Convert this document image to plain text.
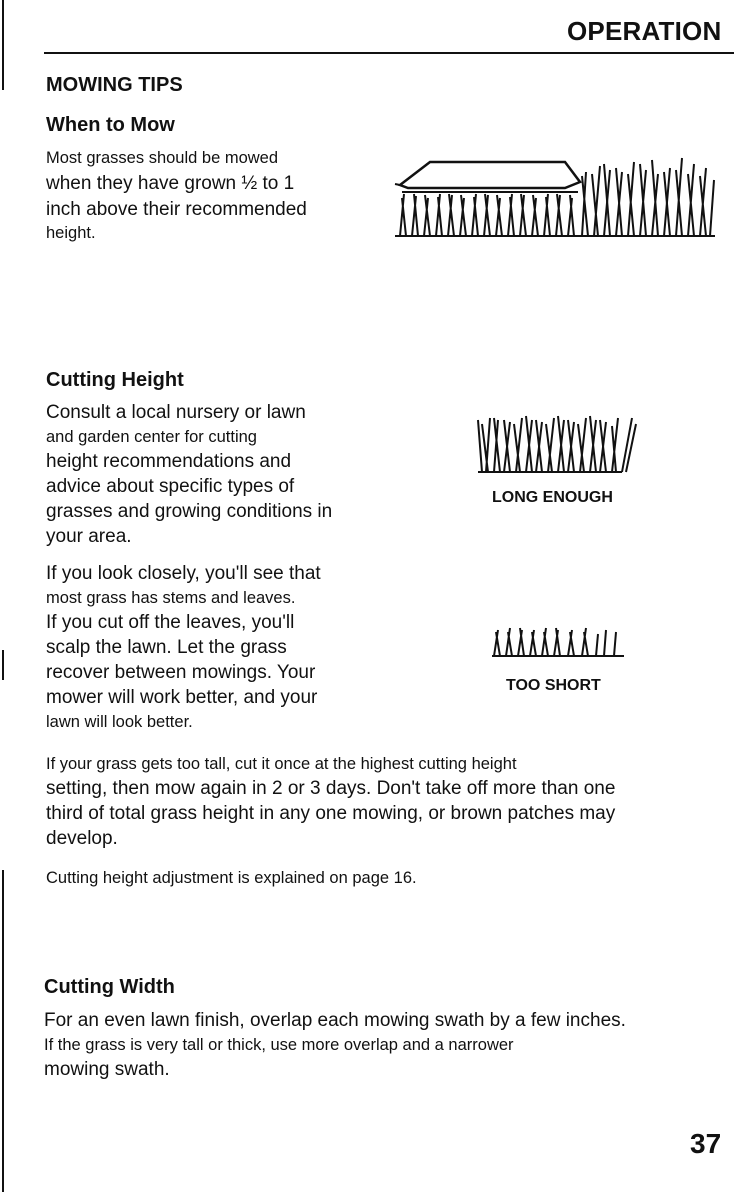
OPERATION
MOWING TIPS
When to Mow
Most grasses should be mowed
when they have grown ½ to 1
inch above their recommended
height.
Cutting Height
Consult a local nursery or lawn
and garden center for cutting
height recommendations and
advice about specific types of
grasses and growing conditions in
your area.
If you look closely, you'll see that
most grass has stems and leaves.
If you cut off the leaves, you'll
scalp the lawn. Let the grass
recover between mowings. Your
mower will work better, and your
lawn will look better.
LONG ENOUGH
TOO SHORT
If your grass gets too tall, cut it once at the highest cutting height
setting, then mow again in 2 or 3 days. Don't take off more than one
third of total grass height in any one mowing, or brown patches may
develop.
Cutting height adjustment is explained on page 16.
Cutting Width
For an even lawn finish, overlap each mowing swath by a few inches.
If the grass is very tall or thick, use more overlap and a narrower
mowing swath.
37
